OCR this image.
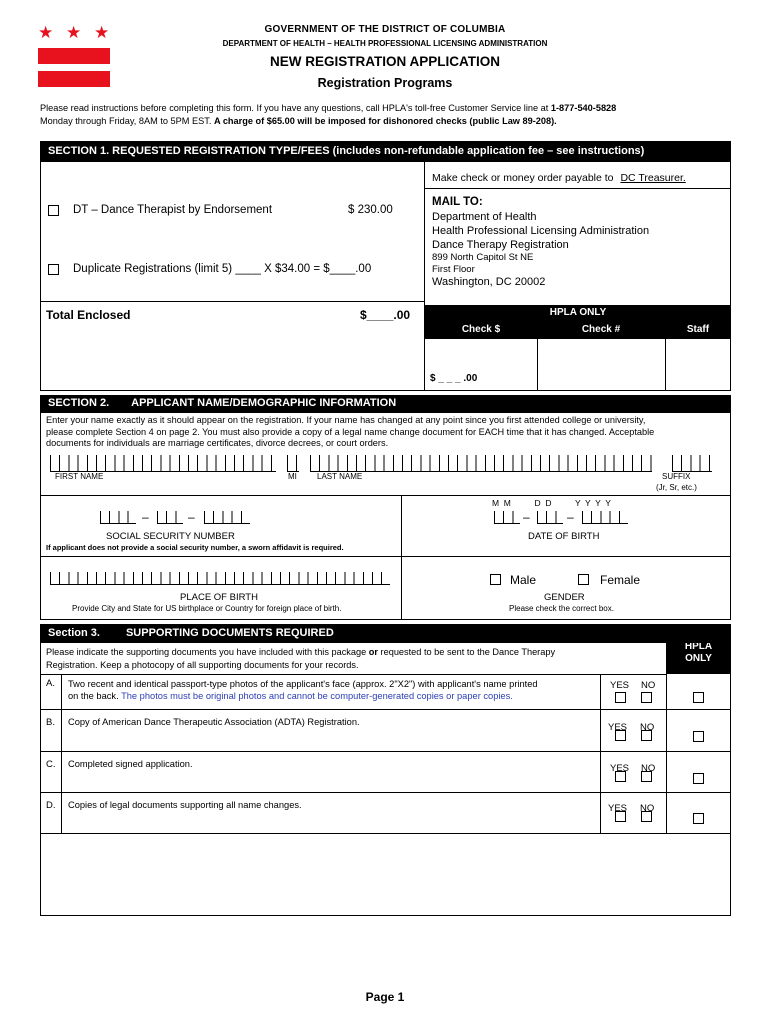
★ ★ ★	GOVERNMENT OF THE DISTRICT OF COLUMBIA
DEPARTMENT OF HEALTH – HEALTH PROFESSIONAL LICENSING ADMINISTRATION
NEW REGISTRATION APPLICATION
Registration Programs
Please read instructions before completing this form. If you have any questions, call HPLA's toll-free Customer Service line at 1-877-540-5828
Monday through Friday, 8AM to 5PM EST. A charge of $65.00 will be imposed for dishonored checks (public Law 89-208).
SECTION 1. REQUESTED REGISTRATION TYPE/FEES (includes non-refundable application fee – see instructions)
Make check or money order payable to DC Treasurer.
DT – Dance Therapist by Endorsement	$ 230.00
Duplicate Registrations (limit 5) ____ X $34.00 = $____.00
Total Enclosed	$____.00
MAIL TO:
Department of Health
Health Professional Licensing Administration
Dance Therapy Registration
899 North Capitol St NE
First Floor
Washington, DC 20002
HPLA ONLY
Check $	Check #	Staff
$ _ _ _ .00
SECTION 2. APPLICANT NAME/DEMOGRAPHIC INFORMATION
Enter your name exactly as it should appear on the registration. If your name has changed at any point since you first attended college or university,
please complete Section 4 on page 2. You must also provide a copy of a legal name change document for EACH time that it has changed. Acceptable
documents for individuals are marriage certificates, divorce decrees, or court orders.
FIRST NAME	MI	LAST NAME	SUFFIX
(Jr, Sr, etc.)
–	–
SOCIAL SECURITY NUMBER
If applicant does not provide a social security number, a sworn affidavit is required.
M  M          D  D          Y  Y  Y  Y
–	–
DATE OF BIRTH
PLACE OF BIRTH
Provide City and State for US birthplace or Country for foreign place of birth.
Male	Female
GENDER
Please check the correct box.
Section 3. SUPPORTING DOCUMENTS REQUIRED
HPLA
ONLY
Please indicate the supporting documents you have included with this package or requested to be sent to the Dance Therapy
Registration. Keep a photocopy of all supporting documents for your records.
A. Two recent and identical passport-type photos of the applicant's face (approx. 2"X2") with applicant's name printed
on the back. The photos must be original photos and cannot be computer-generated copies or paper copies.
YES NO
B. Copy of American Dance Therapeutic Association (ADTA) Registration.	YES NO
C. Completed signed application.	YES NO
D. Copies of legal documents supporting all name changes.	YES NO
Page 1
